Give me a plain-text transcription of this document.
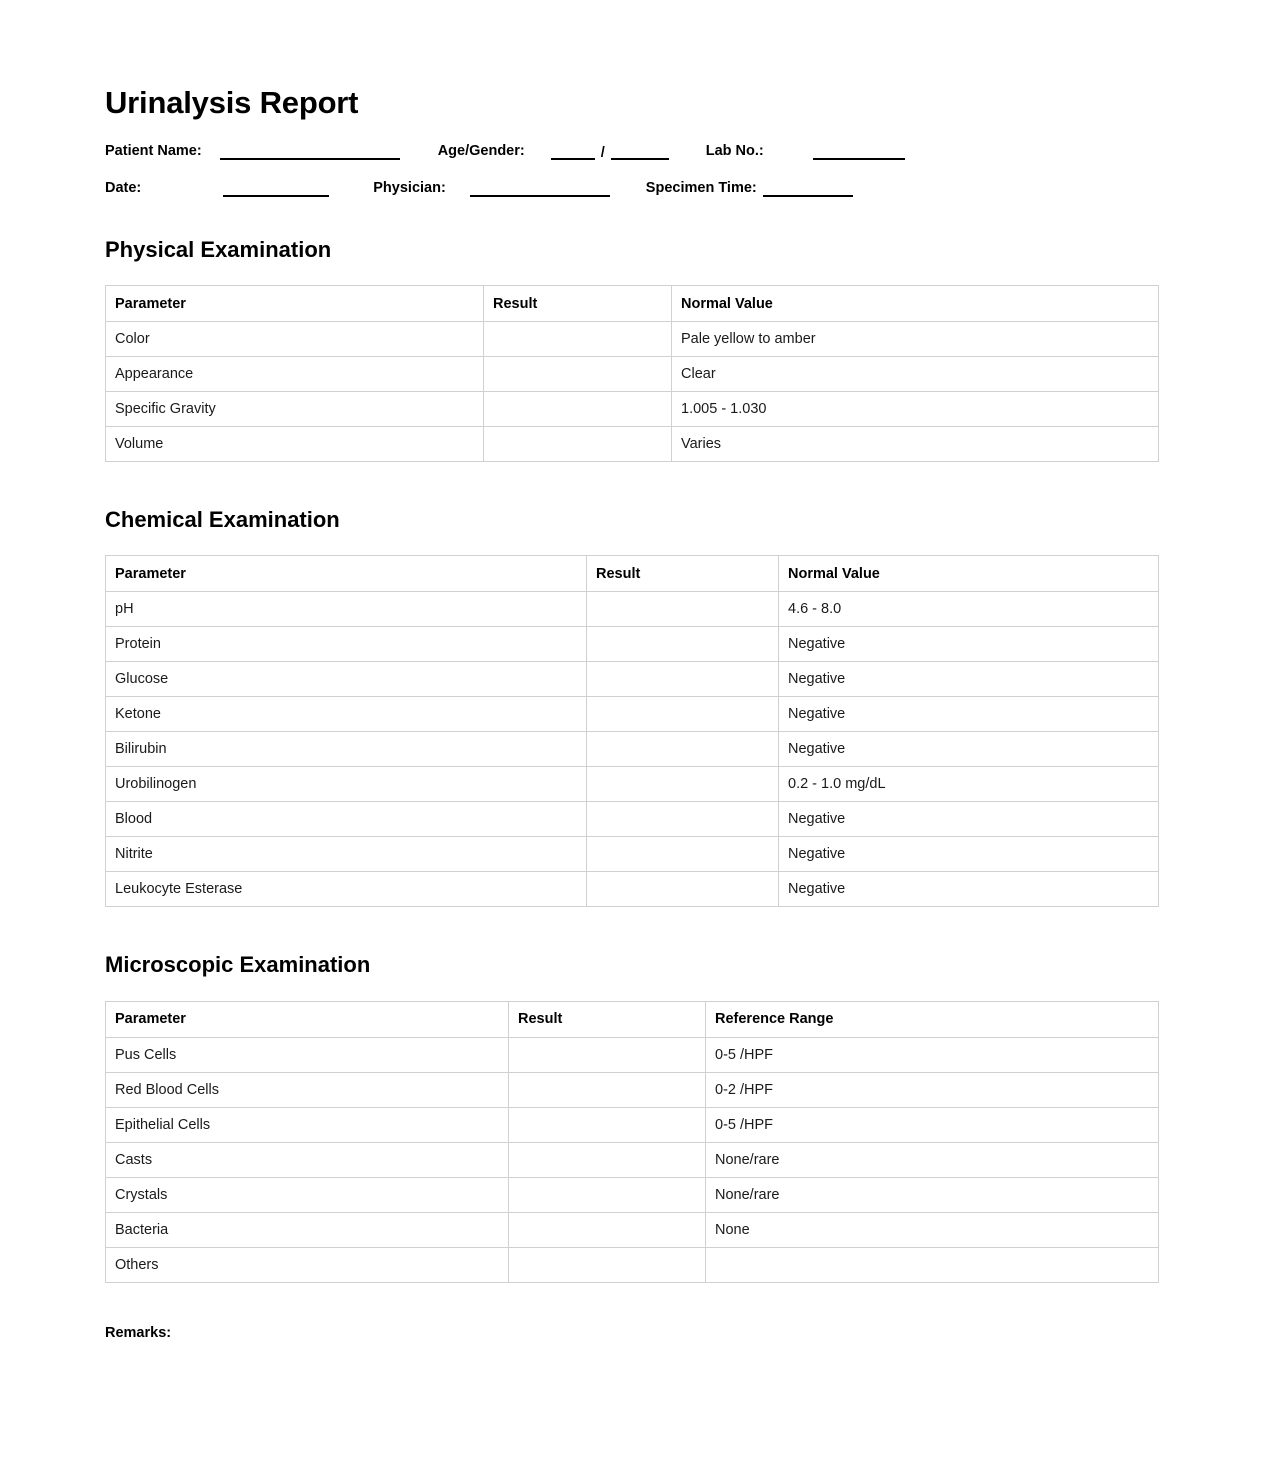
Urinalysis Report
Patient Name:	Age/Gender:	/	Lab No.:
Date:	Physician:	Specimen Time:
Physical Examination
Parameter	Result	Normal Value
Color		Pale yellow to amber
Appearance		Clear
Specific Gravity		1.005 - 1.030
Volume		Varies
Chemical Examination
Parameter	Result	Normal Value
pH		4.6 - 8.0
Protein		Negative
Glucose		Negative
Ketone		Negative
Bilirubin		Negative
Urobilinogen		0.2 - 1.0 mg/dL
Blood		Negative
Nitrite		Negative
Leukocyte Esterase		Negative
Microscopic Examination
Parameter	Result	Reference Range
Pus Cells		0-5 /HPF
Red Blood Cells		0-2 /HPF
Epithelial Cells		0-5 /HPF
Casts		None/rare
Crystals		None/rare
Bacteria		None
Others		
Remarks:
